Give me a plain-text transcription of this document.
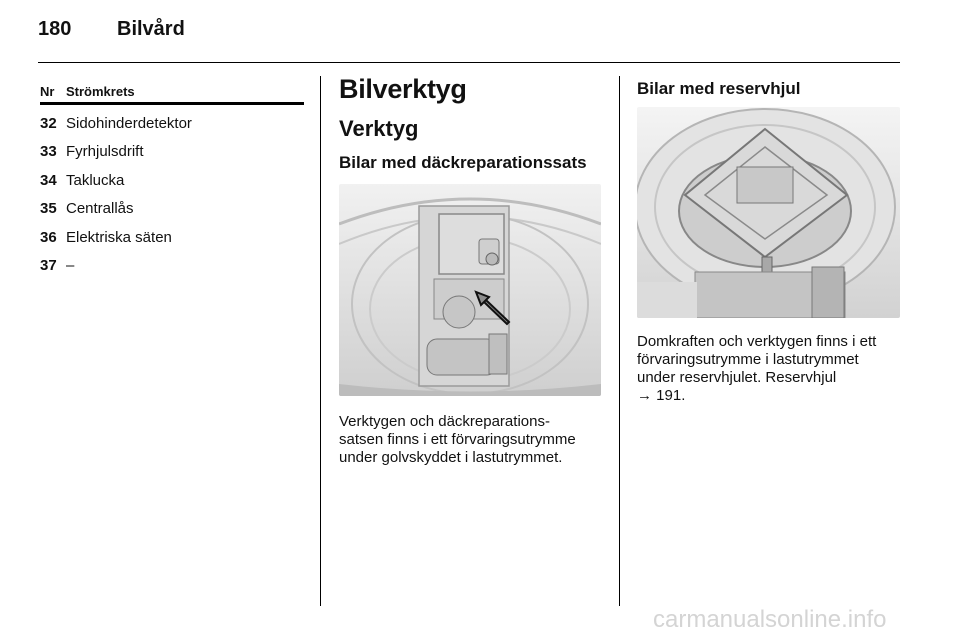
180 Bilvård
Nr Strömkrets
32 Sidohinderdetektor
33 Fyrhjulsdrift
34 Taklucka
35 Centrallås
36 Elektriska säten
37 –
Bilverktyg
Verktyg
Bilar med däckreparationssats
Verktygen och däckreparations-
satsen finns i ett förvaringsutrymme
under golvskyddet i lastutrymmet.
Bilar med reservhjul
Domkraften och verktygen finns i ett
förvaringsutrymme i lastutrymmet
under reservhjulet. Reservhjul
→ 191.
carmanualsonline.info
